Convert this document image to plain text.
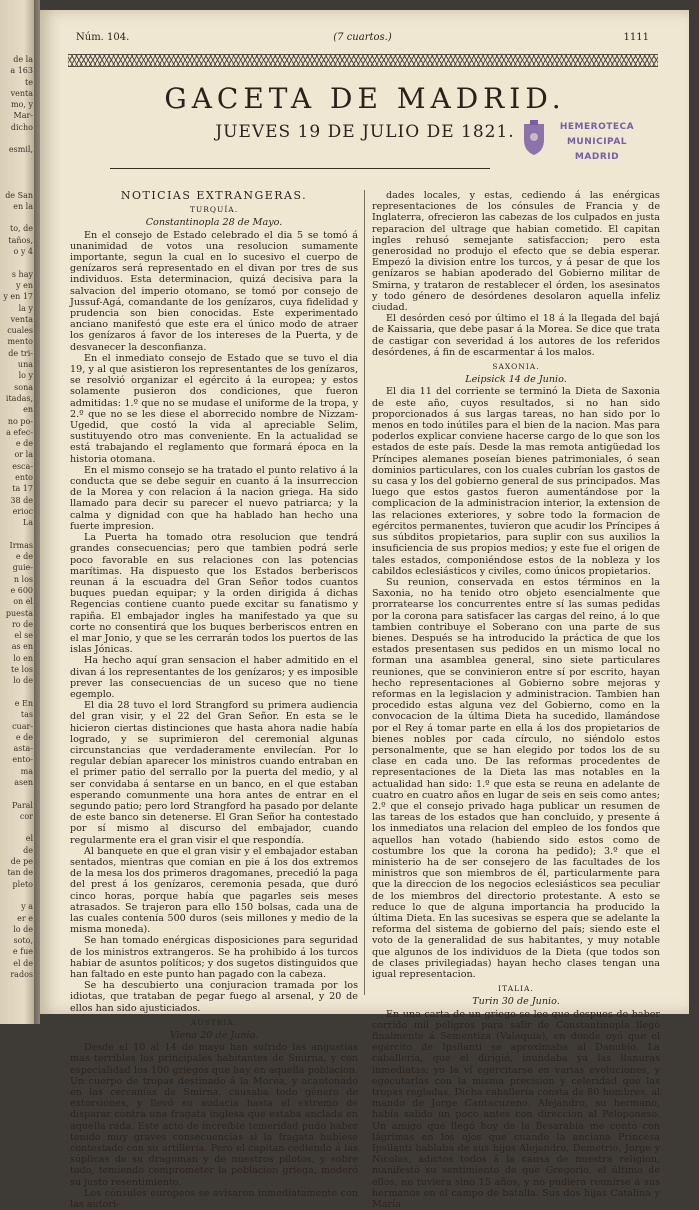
de la
a 163
te
venta
mo, y
Mar-
dicho

esmil,

de San
en la

to, de
taños,
o y 4

s hay
y en
y en 17
la y
venta
cuales
mento
de tri-
una
lo y
sona
itadas,
en
no po-
a efec-
e de
or la
esca-
ento
ta 17
38 de
erioc
La

Irmas
e de
guie-
n los
e 600
on el
puesta
ro de
el se
as en
lo en
te los
lo de

e En
tas
cuar-
e de
asta-
ento-
ma
asen

Paral
cor

el
de
de pe
tan de
pleto

y a
er e
lo de
soto,
e fue
el de
rados
Núm. 104.	(7 cuartos.)	1111
GACETA DE MADRID.
JUEVES 19 DE JULIO DE 1821.	HEMEROTECA
MUNICIPAL
MADRID
NOTICIAS EXTRANGERAS.
TURQUÍA.
Constantinopla 28 de Mayo.

En el consejo de Estado celebrado el dia 5 se tomó á unanimidad de votos una resolucion sumamente importante, segun la cual en lo sucesivo el cuerpo de genízaros será representado en el divan por tres de sus individuos. Esta determinacion, quizá decisiva para la salvacion del imperio otomano, se tomó por consejo de Jussuf-Agá, comandante de los genízaros, cuya fidelidad y prudencia son bien conocidas. Este experimentado anciano manifestó que este era el único modo de atraer los genízaros á favor de los intereses de la Puerta, y de desvanecer la desconfianza.

En el inmediato consejo de Estado que se tuvo el dia 19, y al que asistieron los representantes de los genízaros, se resolvió organizar el egército á la europea; y estos solamente pusieron dos condiciones, que fueron admitidas: 1.º que no se mudase el uniforme de la tropa, y 2.º que no se les diese el aborrecido nombre de Nizzam-Ugedid, que costó la vida al apreciable Selim, sustituyendo otro mas conveniente. En la actualidad se está trabajando el reglamento que formará época en la historia otomana.

En el mismo consejo se ha tratado el punto relativo á la conducta que se debe seguir en cuanto á la insurreccion de la Morea y con relacion á la nacion griega. Ha sido llamado para decir su parecer el nuevo patriarca; y la calma y dignidad con que ha hablado han hecho una fuerte impresion.

La Puerta ha tomado otra resolucion que tendrá grandes consecuencias; pero que tambien podrá serle poco favorable en sus relaciones con las potencias marítimas. Ha dispuesto que los Estados berberiscos reunan á la escuadra del Gran Señor todos cuantos buques puedan equipar; y la orden dirigida á dichas Regencias contiene cuanto puede excitar su fanatismo y rapiña. El embajador ingles ha manifestado ya que su corte no consentirá que los buques berberiscos entren en el mar Jonio, y que se les cerrarán todos los puertos de las islas Jónicas.

Ha hecho aquí gran sensacion el haber admitido en el divan á los representantes de los genízaros; y es imposible prever las consecuencias de un suceso que no tiene egemplo.

El dia 28 tuvo el lord Strangford su primera audiencia del gran visir, y el 22 del Gran Señor. En esta se le hicieron ciertas distinciones que hasta ahora nadie había logrado, y se suprimieron del ceremonial algunas circunstancias que verdaderamente envilecían. Por lo regular debían aparecer los ministros cuando entraban en el primer patio del serrallo por la puerta del medio, y al ser convidaba á sentarse en un banco, en el que estaban esperando comunmente una hora antes de entrar en el segundo patio; pero lord Strangford ha pasado por delante de este banco sin detenerse. El Gran Señor ha contestado por sí mismo al discurso del embajador, cuando regularmente era el gran visir el que respondía.

Al banquete en que el gran visir y el embajador estaban sentados, mientras que comian en pie á los dos extremos de la mesa los dos primeros dragomanes, precedió la paga del prest á los genízaros, ceremonia pesada, que duró cinco horas, porque había que pagarles seis meses atrasados. Se trajeron para ello 150 bolsas, cada una de las cuales contenía 500 duros (seis millones y medio de la misma moneda).

Se han tomado enérgicas disposiciones para seguridad de los ministros extrangeros. Se ha prohibido á los turcos habiar de asuntos políticos; y dos sugetos distinguidos que han faltado en este punto han pagado con la cabeza.

Se ha descubierto una conjuracion tramada por los idiotas, que trataban de pegar fuego al arsenal, y 20 de ellos han sido ajusticiados.

AUSTRIA.
Viena 20 de Junio.

Desde el 10 al 14 de mayo han sufrido las angustias mas terribles los principales habitantes de Smirna, y con especialidad los 100 griegos que hay en aquella poblacion. Un cuerpo de tropas destinado á la Morea, y acantonado en las cercanías de Smirna, causaba todo género de extorsiones, y llevó su audacia hasta el extremo de disparar contra una fragata inglesa que estaba anclada en aquella rada. Este acto de increíble temeridad pudo haber tenido muy graves consecuencias si la fragata hubiese contestado con su artillería. Pero el capitan cediendo á las súplicas de su dragoman y de nuestros pilotos, y sobre todo, temiendo comprometer la poblacion griega, moderó su justo resentimiento.

Los cónsules europeos se avisaron inmediatamente con las autori-

dades locales, y estas, cediendo á las enérgicas representaciones de los cónsules de Francia y de Inglaterra, ofrecieron las cabezas de los culpados en justa reparacion del ultrage que habian cometido. El capitan ingles rehusó semejante satisfaccion; pero esta generosidad no produjo el efecto que se debia esperar. Empezó la division entre los turcos, y á pesar de que los genízaros se habian apoderado del Gobierno militar de Smirna, y trataron de restablecer el órden, los asesinatos y todo género de desórdenes desolaron aquella infeliz ciudad.

El desórden cesó por último el 18 á la llegada del bajá de Kaissaria, que debe pasar á la Morea. Se dice que trata de castigar con severidad á los autores de los referidos desórdenes, á fin de escarmentar á los malos.

SAXONIA.
Leipsick 14 de Junio.

El dia 11 del corriente se terminó la Dieta de Saxonia de este año, cuyos resultados, si no han sido proporcionados á sus largas tareas, no han sido por lo menos en todo inútiles para el bien de la nacion. Mas para poderlos explicar conviene hacerse cargo de lo que son los estados de este país. Desde la mas remota antigüedad los Príncipes alemanes poseían bienes patrimoniales, ó sean dominios particulares, con los cuales cubrían los gastos de su casa y los del gobierno general de sus principados. Mas luego que estos gastos fueron aumentándose por la complicacion de la administracion interior, la extension de las relaciones exteriores, y sobre todo la formacion de egércitos permanentes, tuvieron que acudir los Príncipes á sus súbditos propietarios, para suplir con sus auxilios la insuficiencia de sus propios medios; y este fue el origen de tales estados, componiéndose estos de la nobleza y los cabildos eclesiásticos y civiles, como únicos propietarios.

Su reunion, conservada en estos términos en la Saxonia, no ha tenido otro objeto esencialmente que prorratearse los concurrentes entre sí las sumas pedidas por la corona para satisfacer las cargas del reino, á lo que tambien contribuye el Soberano con una parte de sus bienes. Después se ha introducido la práctica de que los estados presentasen sus pedidos en un mismo local no forman una asamblea general, sino siete particulares reuniones, que se convinieron entre sí por escrito, hayan hecho representaciones al Gobierno sobre mejoras y reformas en la legislacion y administracion. Tambien han procedido estas alguna vez del Gobierno, como en la convocacion de la última Dieta ha sucedido, llamándose por el Rey á tomar parte en ella á los dos propietarios de bienes nobles por cada círculo, no siéndolo estos personalmente, que se han elegido por todos los de su clase en cada uno. De las reformas procedentes de representaciones de la Dieta las mas notables en la actualidad han sido: 1.º que esta se reuna en adelante de cuatro en cuatro años en lugar de seis en seis como antes; 2.º que el consejo privado haga publicar un resumen de las tareas de los estados que han concluido, y presente á los inmediatos una relacion del empleo de los fondos que aquellos han votado (habiendo sido estos como de costumbre los que la corona ha pedido); 3.º que el ministerio ha de ser consejero de las facultades de los ministros que son miembros de él, particularmente para que la direccion de los negocios eclesiásticos sea peculiar de los miembros del directorio protestante. A esto se reduce lo que de alguna importancia ha producido la última Dieta. En las sucesivas se espera que se adelante la reforma del sistema de gobierno del país; siendo este el voto de la generalidad de sus habitantes, y muy notable que algunos de los individuos de la Dieta (que todos son de clases privilegiadas) hayan hecho clases tengan una igual representacion.

ITALIA.
Turin 30 de Junio.

En una carta de un griego se lee que despues de haber corrido mil peligros para salir de Constantinopla llegó finalmente á Sementiza (Valaquia), en donde oyó que el egército de Ipsilanti se aproximaba al Danubio. La caballería, que el dirigió, inundaba ya las llanuras inmediatas; yo la ví egercitarse en varias evoluciones, y egecutarlas con la misma precision y celeridad que las tropas regladas. Dicha caballería consta de 80 hombres, al mando de Jorge Cantacuzeno. Alejandro, su hermano, había salido un poco antes con direccion al Peloponeso. Un amigo que llegó hoy de la Besarabia me contó con lágrimas en los ojos que cuando la anciana Princesa Ipsilanti hablaba de sus hijos Alejandro, Demetrio, Jorge y Nicolas, adictos todos á la causa de nuestra religion, manifestó su sentimiento de que Gregorio, el último de ellos, no tuviera sino 15 años, y no pudiera reunirse á sus hermanos en el campo de batalla. Sus dos hijas Catalina y María
